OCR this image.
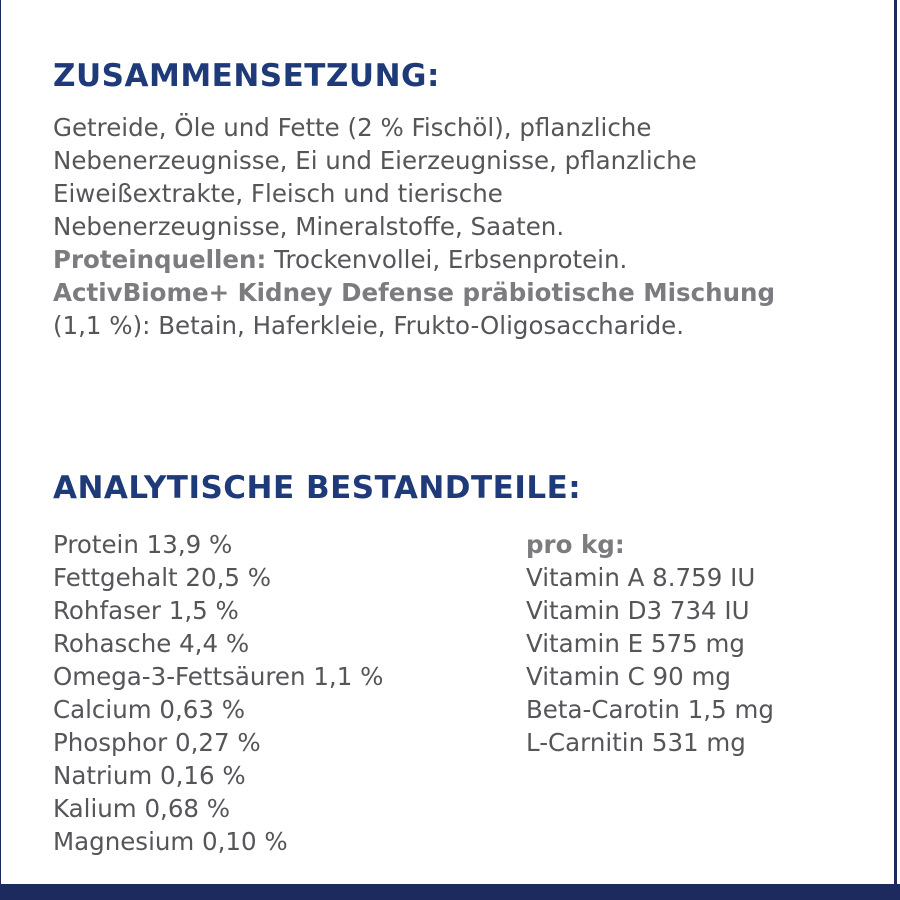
ZUSAMMENSETZUNG:
Getreide, Öle und Fette (2 % Fischöl), pflanzliche
Nebenerzeugnisse, Ei und Eierzeugnisse, pflanzliche
Eiweißextrakte, Fleisch und tierische
Nebenerzeugnisse, Mineralstoffe, Saaten.
Proteinquellen: Trockenvollei, Erbsenprotein.
ActivBiome+ Kidney Defense präbiotische Mischung
(1,1 %): Betain, Haferkleie, Frukto-Oligosaccharide.
ANALYTISCHE BESTANDTEILE:
Protein 13,9 %
Fettgehalt 20,5 %
Rohfaser 1,5 %
Rohasche 4,4 %
Omega-3-Fettsäuren 1,1 %
Calcium 0,63 %
Phosphor 0,27 %
Natrium 0,16 %
Kalium 0,68 %
Magnesium 0,10 %
pro kg:
Vitamin A 8.759 IU
Vitamin D3 734 IU
Vitamin E 575 mg
Vitamin C 90 mg
Beta-Carotin 1,5 mg
L-Carnitin 531 mg
